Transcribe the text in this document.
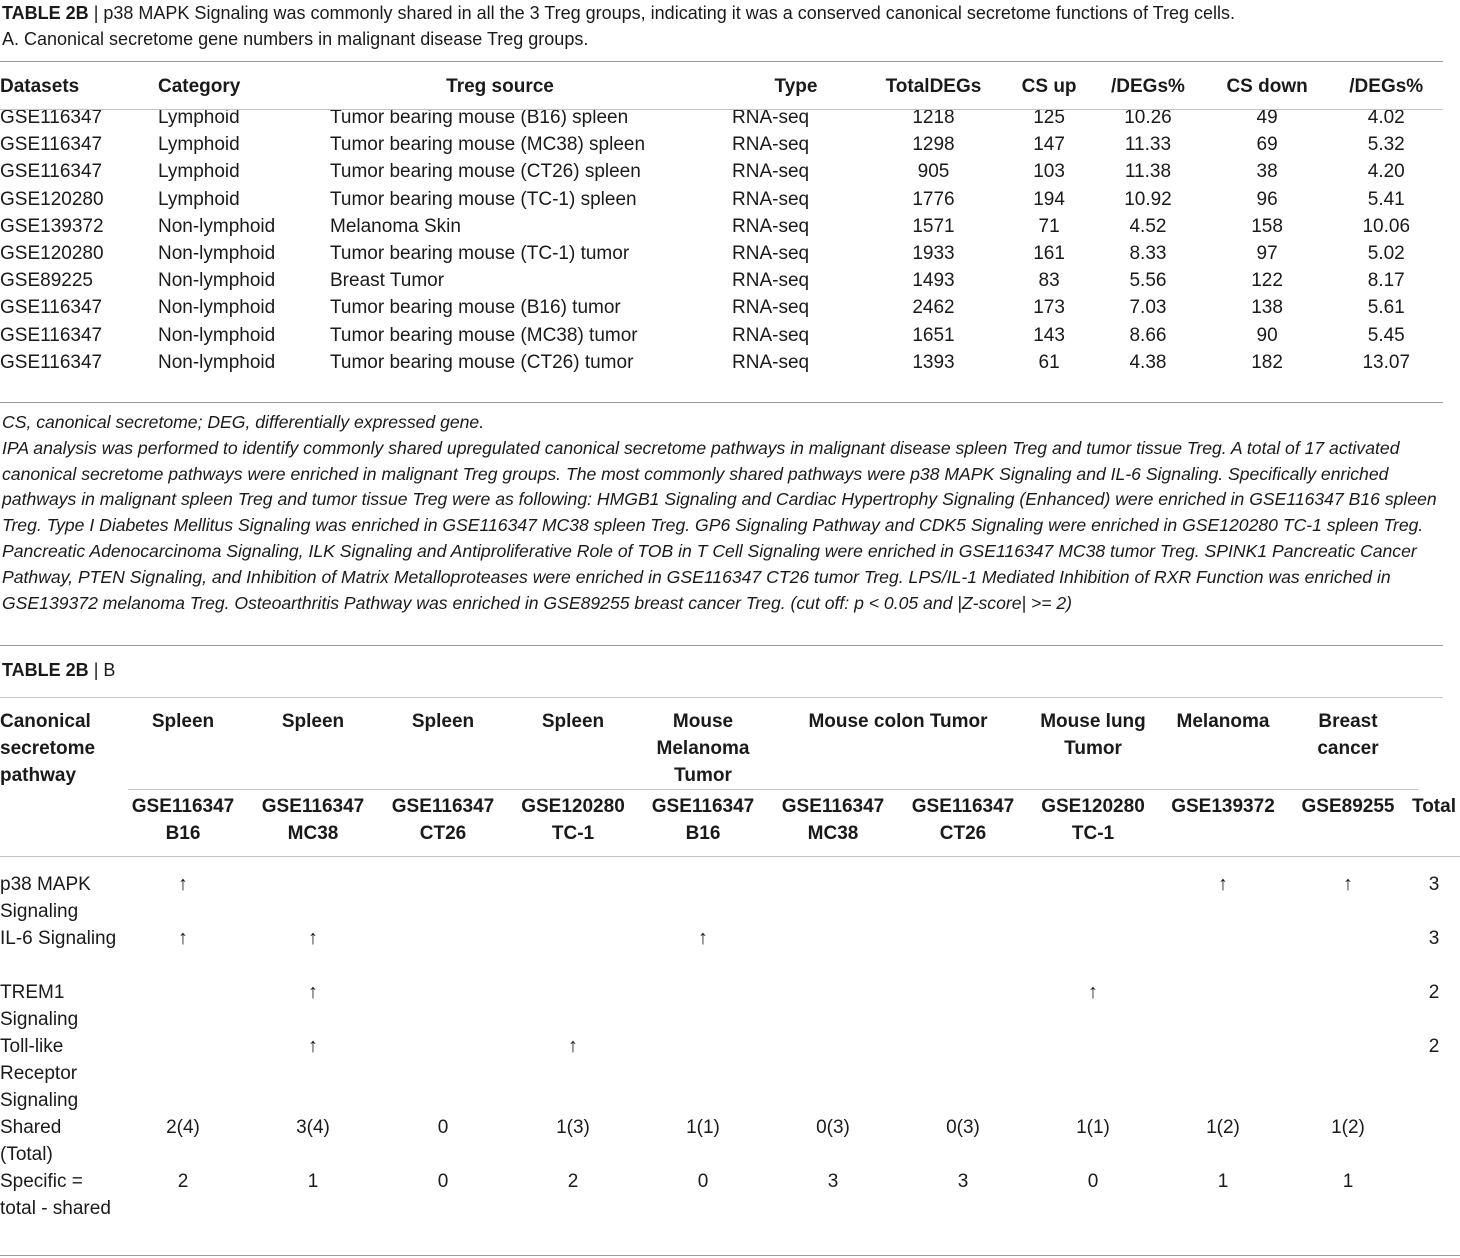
TABLE 2B | p38 MAPK Signaling was commonly shared in all the 3 Treg groups, indicating it was a conserved canonical secretome functions of Treg cells.
A. Canonical secretome gene numbers in malignant disease Treg groups.
Datasets	Category	Treg source	Type	TotalDEGs	CS up	/DEGs%	CS down	/DEGs%
GSE116347	Lymphoid	Tumor bearing mouse (B16) spleen	RNA-seq	1218	125	10.26	49	4.02
GSE116347	Lymphoid	Tumor bearing mouse (MC38) spleen	RNA-seq	1298	147	11.33	69	5.32
GSE116347	Lymphoid	Tumor bearing mouse (CT26) spleen	RNA-seq	905	103	11.38	38	4.20
GSE120280	Lymphoid	Tumor bearing mouse (TC-1) spleen	RNA-seq	1776	194	10.92	96	5.41
GSE139372	Non-lymphoid	Melanoma Skin	RNA-seq	1571	71	4.52	158	10.06
GSE120280	Non-lymphoid	Tumor bearing mouse (TC-1) tumor	RNA-seq	1933	161	8.33	97	5.02
GSE89225	Non-lymphoid	Breast Tumor	RNA-seq	1493	83	5.56	122	8.17
GSE116347	Non-lymphoid	Tumor bearing mouse (B16) tumor	RNA-seq	2462	173	7.03	138	5.61
GSE116347	Non-lymphoid	Tumor bearing mouse (MC38) tumor	RNA-seq	1651	143	8.66	90	5.45
GSE116347	Non-lymphoid	Tumor bearing mouse (CT26) tumor	RNA-seq	1393	61	4.38	182	13.07

CS, canonical secretome; DEG, differentially expressed gene.

IPA analysis was performed to identify commonly shared upregulated canonical secretome pathways in malignant disease spleen Treg and tumor tissue Treg. A total of 17 activated canonical secretome pathways were enriched in malignant Treg groups. The most commonly shared pathways were p38 MAPK Signaling and IL-6 Signaling. Specifically enriched pathways in malignant spleen Treg and tumor tissue Treg were as following: HMGB1 Signaling and Cardiac Hypertrophy Signaling (Enhanced) were enriched in GSE116347 B16 spleen Treg. Type I Diabetes Mellitus Signaling was enriched in GSE116347 MC38 spleen Treg. GP6 Signaling Pathway and CDK5 Signaling were enriched in GSE120280 TC-1 spleen Treg. Pancreatic Adenocarcinoma Signaling, ILK Signaling and Antiproliferative Role of TOB in T Cell Signaling were enriched in GSE116347 MC38 tumor Treg. SPINK1 Pancreatic Cancer Pathway, PTEN Signaling, and Inhibition of Matrix Metalloproteases were enriched in GSE116347 CT26 tumor Treg. LPS/IL-1 Mediated Inhibition of RXR Function was enriched in GSE139372 melanoma Treg. Osteoarthritis Pathway was enriched in GSE89255 breast cancer Treg. (cut off: p < 0.05 and |Z-score| >= 2)

TABLE 2B | B
Canonical secretome pathway	Spleen	Spleen	Spleen	Spleen	Mouse Melanoma Tumor	Mouse colon Tumor		Mouse lung Tumor	Melanoma	Breast cancer	
	GSE116347 B16	GSE116347 MC38	GSE116347 CT26	GSE120280 TC-1	GSE116347 B16	GSE116347 MC38	GSE116347 CT26	GSE120280 TC-1	GSE139372	GSE89255	Total
p38 MAPK Signaling	↑								↑	↑	3
IL-6 Signaling	↑	↑			↑						3
TREM1 Signaling		↑						↑			2
Toll-like Receptor Signaling		↑		↑							2
Shared (Total)	2(4)	3(4)	0	1(3)	1(1)	0(3)	0(3)	1(1)	1(2)	1(2)	
Specific = total - shared	2	1	0	2	0	3	3	0	1	1	
